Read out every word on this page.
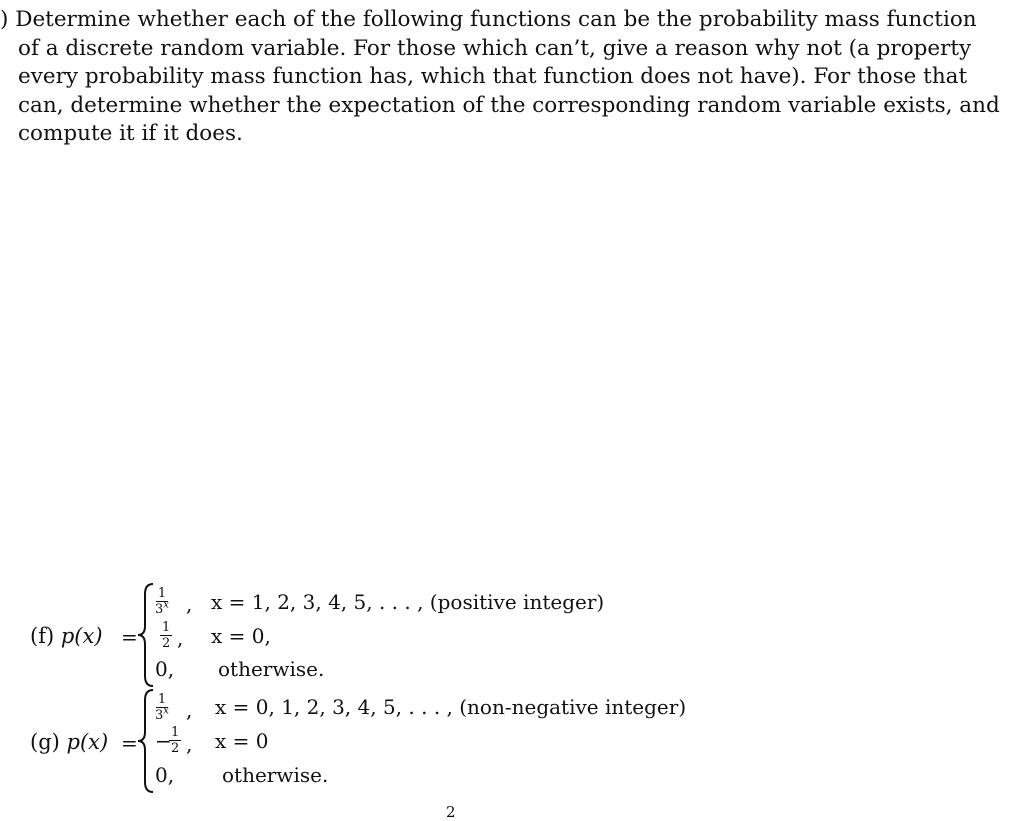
) Determine whether each of the following functions can be the probability mass function
of a discrete random variable. For those which can’t, give a reason why not (a property
every probability mass function has, which that function does not have). For those that
can, determine whether the expectation of the corresponding random variable exists, and
compute it if it does.
(f) p(x) =
$\frac{1}{3^x}$ , x = 1, 2, 3, 4, 5, . . . , (positive integer)
$\frac{1}{2}$ , x = 0,
0, otherwise.
(g) p(x) =
$\frac{1}{3^x}$ , x = 0, 1, 2, 3, 4, 5, . . . , (non-negative integer)
−
$\frac{1}{2}$ , x = 0
0, otherwise.
2
